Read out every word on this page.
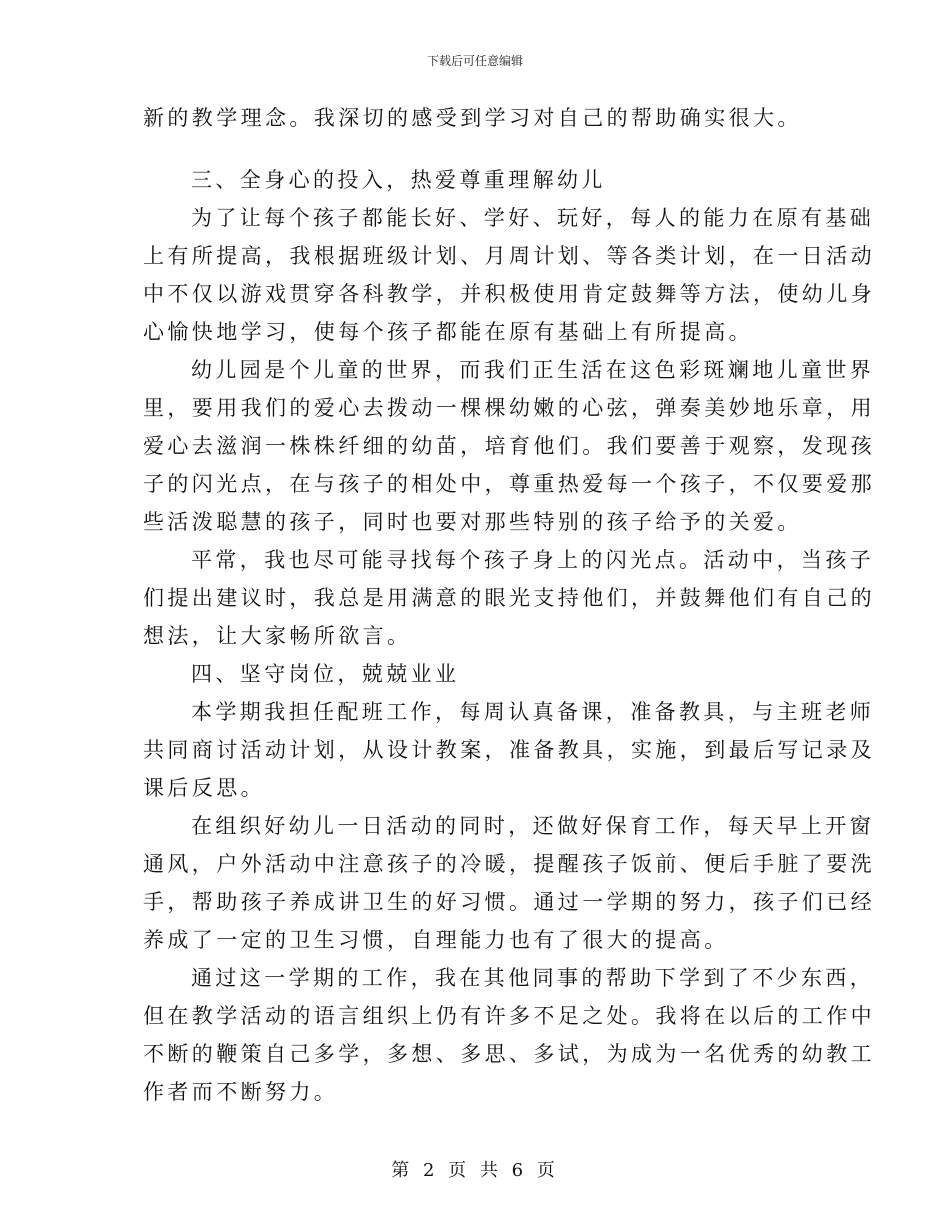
下载后可任意编辑
新的教学理念。我深切的感受到学习对自己的帮助确实很大。
三、全身心的投入，热爱尊重理解幼儿
为了让每个孩子都能长好、学好、玩好，每人的能力在原有基础
上有所提高，我根据班级计划、月周计划、等各类计划，在一日活动
中不仅以游戏贯穿各科教学，并积极使用肯定鼓舞等方法，使幼儿身
心愉快地学习，使每个孩子都能在原有基础上有所提高。
幼儿园是个儿童的世界，而我们正生活在这色彩斑斓地儿童世界
里，要用我们的爱心去拨动一棵棵幼嫩的心弦，弹奏美妙地乐章，用
爱心去滋润一株株纤细的幼苗，培育他们。我们要善于观察，发现孩
子的闪光点，在与孩子的相处中，尊重热爱每一个孩子，不仅要爱那
些活泼聪慧的孩子，同时也要对那些特别的孩子给予的关爱。
平常，我也尽可能寻找每个孩子身上的闪光点。活动中，当孩子
们提出建议时，我总是用满意的眼光支持他们，并鼓舞他们有自己的
想法，让大家畅所欲言。
四、坚守岗位，兢兢业业
本学期我担任配班工作，每周认真备课，准备教具，与主班老师
共同商讨活动计划，从设计教案，准备教具，实施，到最后写记录及
课后反思。
在组织好幼儿一日活动的同时，还做好保育工作，每天早上开窗
通风，户外活动中注意孩子的冷暖，提醒孩子饭前、便后手脏了要洗
手，帮助孩子养成讲卫生的好习惯。通过一学期的努力，孩子们已经
养成了一定的卫生习惯，自理能力也有了很大的提高。
通过这一学期的工作，我在其他同事的帮助下学到了不少东西，
但在教学活动的语言组织上仍有许多不足之处。我将在以后的工作中
不断的鞭策自己多学，多想、多思、多试，为成为一名优秀的幼教工
作者而不断努力。
第 2 页 共 6 页
